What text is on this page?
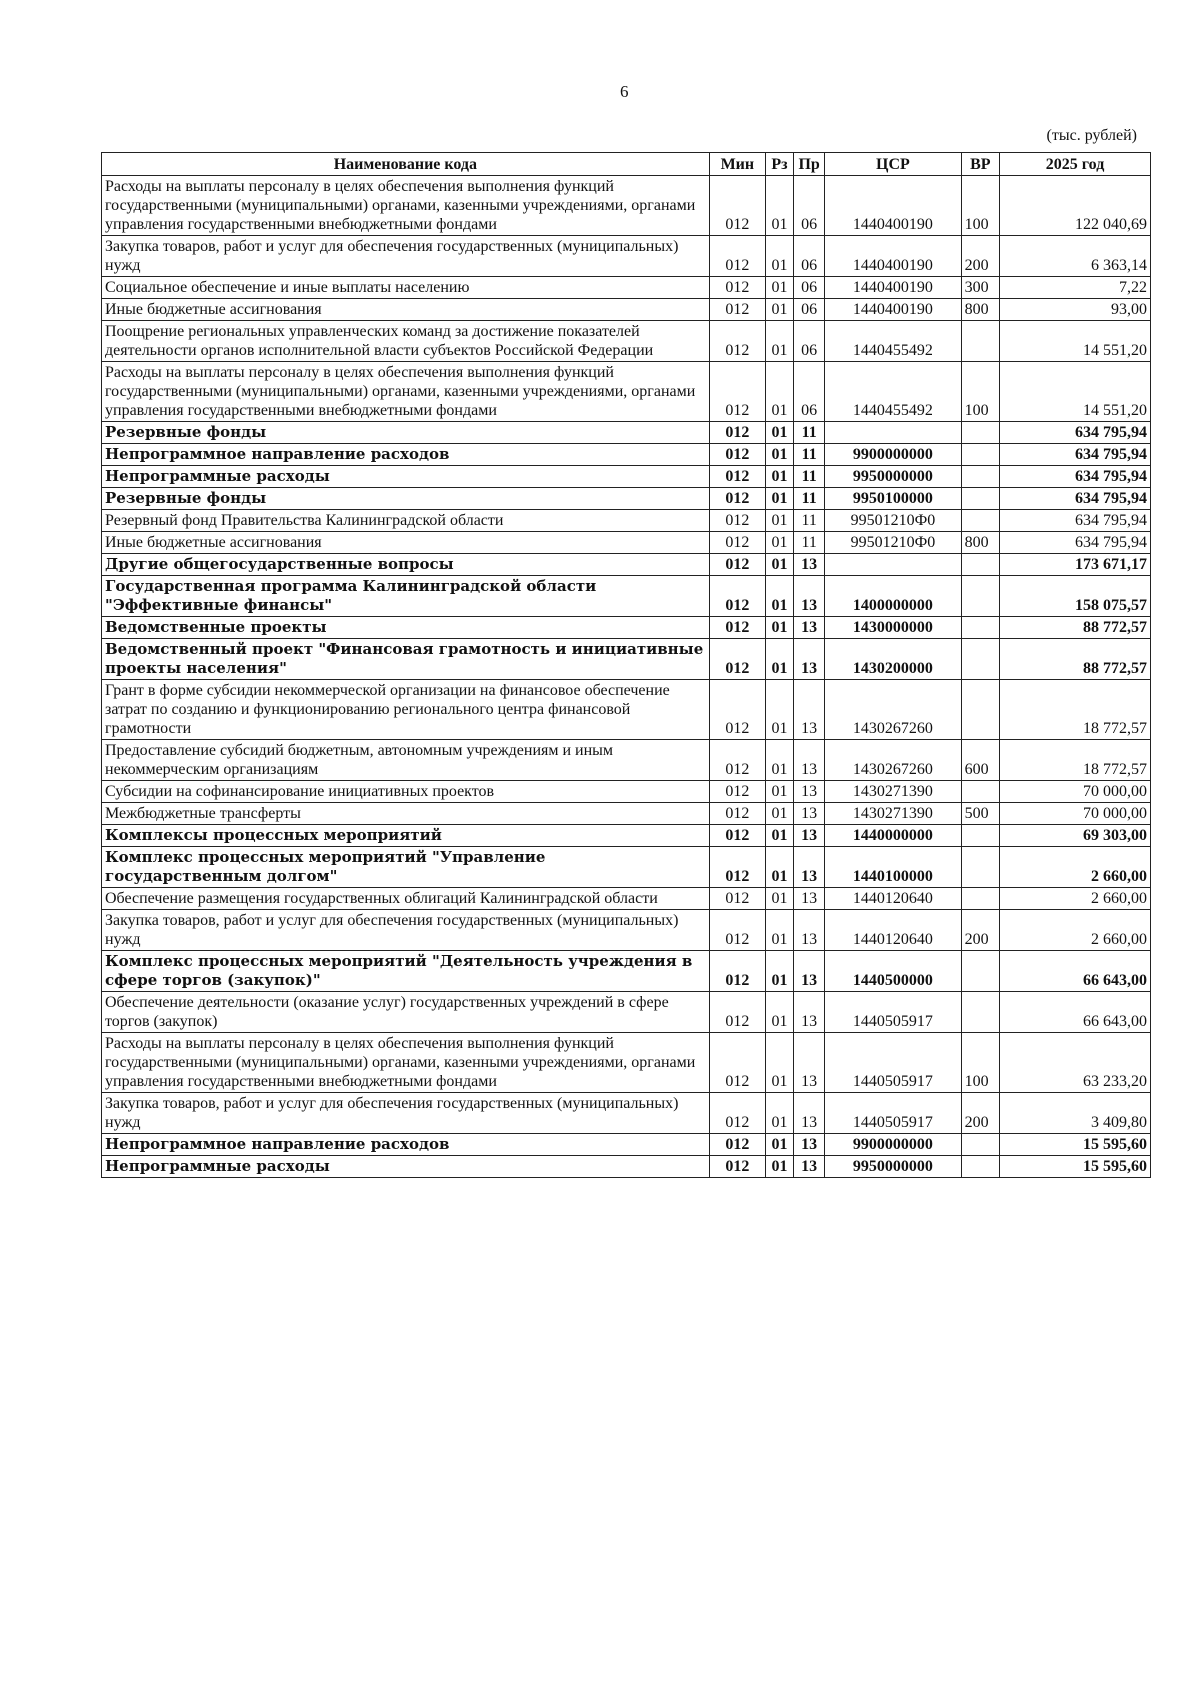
6
(тыс. рублей)
Наименование кода	Мин	Рз	Пр	ЦСР	ВР	2025 год
Расходы на выплаты персоналу в целях обеспечения выполнения функций государственными (муниципальными) органами, казенными учреждениями, органами управления государственными внебюджетными фондами	012	01	06	1440400190	100	122 040,69
Закупка товаров, работ и услуг для обеспечения государственных (муниципальных) нужд	012	01	06	1440400190	200	6 363,14
Социальное обеспечение и иные выплаты населению	012	01	06	1440400190	300	7,22
Иные бюджетные ассигнования	012	01	06	1440400190	800	93,00
Поощрение региональных управленческих команд за достижение показателей деятельности органов исполнительной власти субъектов Российской Федерации	012	01	06	1440455492		14 551,20
Расходы на выплаты персоналу в целях обеспечения выполнения функций государственными (муниципальными) органами, казенными учреждениями, органами управления государственными внебюджетными фондами	012	01	06	1440455492	100	14 551,20
Резервные фонды	012	01	11			634 795,94
Непрограммное направление расходов	012	01	11	9900000000		634 795,94
Непрограммные расходы	012	01	11	9950000000		634 795,94
Резервные фонды	012	01	11	9950100000		634 795,94
Резервный фонд Правительства Калининградской области	012	01	11	99501210Ф0		634 795,94
Иные бюджетные ассигнования	012	01	11	99501210Ф0	800	634 795,94
Другие общегосударственные вопросы	012	01	13			173 671,17
Государственная программа Калининградской области "Эффективные финансы"	012	01	13	1400000000		158 075,57
Ведомственные проекты	012	01	13	1430000000		88 772,57
Ведомственный проект "Финансовая грамотность и инициативные проекты населения"	012	01	13	1430200000		88 772,57
Грант в форме субсидии некоммерческой организации на финансовое обеспечение затрат по созданию и функционированию регионального центра финансовой грамотности	012	01	13	1430267260		18 772,57
Предоставление субсидий бюджетным, автономным учреждениям и иным некоммерческим организациям	012	01	13	1430267260	600	18 772,57
Субсидии на софинансирование инициативных проектов	012	01	13	1430271390		70 000,00
Межбюджетные трансферты	012	01	13	1430271390	500	70 000,00
Комплексы процессных мероприятий	012	01	13	1440000000		69 303,00
Комплекс процессных мероприятий "Управление государственным долгом"	012	01	13	1440100000		2 660,00
Обеспечение размещения государственных облигаций Калининградской области	012	01	13	1440120640		2 660,00
Закупка товаров, работ и услуг для обеспечения государственных (муниципальных) нужд	012	01	13	1440120640	200	2 660,00
Комплекс процессных мероприятий "Деятельность учреждения в сфере торгов (закупок)"	012	01	13	1440500000		66 643,00
Обеспечение деятельности (оказание услуг) государственных учреждений в сфере торгов (закупок)	012	01	13	1440505917		66 643,00
Расходы на выплаты персоналу в целях обеспечения выполнения функций государственными (муниципальными) органами, казенными учреждениями, органами управления государственными внебюджетными фондами	012	01	13	1440505917	100	63 233,20
Закупка товаров, работ и услуг для обеспечения государственных (муниципальных) нужд	012	01	13	1440505917	200	3 409,80
Непрограммное направление расходов	012	01	13	9900000000		15 595,60
Непрограммные расходы	012	01	13	9950000000		15 595,60
